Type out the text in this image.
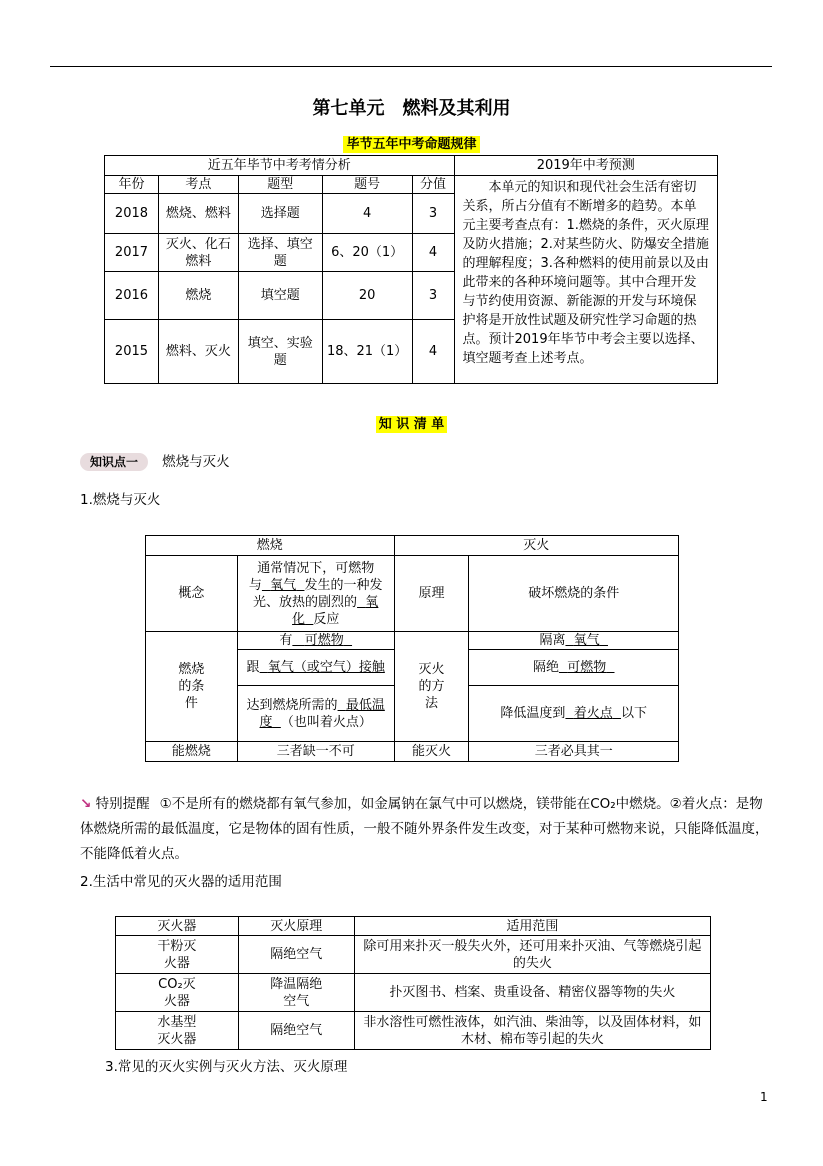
第七单元　燃料及其利用
毕节五年中考命题规律
近五年毕节中考考情分析					2019年中考预测
年份	考点	题型	题号	分值	本单元的知识和现代社会生活有密切关系，所占分值有不断增多的趋势。本单元主要考查点有：1.燃烧的条件，灭火原理及防火措施；2.对某些防火、防爆安全措施的理解程度；3.各种燃料的使用前景以及由此带来的各种环境问题等。其中合理开发与节约使用资源、新能源的开发与环境保护将是开放性试题及研究性学习命题的热点。预计2019年毕节中考会主要以选择、填空题考查上述考点。
2018	燃烧、燃料	选择题	4	3	
2017	灭火、化石燃料	选择、填空题	6、20（1）	4	
2016	燃烧	填空题	20	3	
2015	燃料、灭火	填空、实验题	18、21（1）	4	
知 识 清 单
知识点一 燃烧与灭火
1.燃烧与灭火
燃烧		灭火	
概念	通常情况下，可燃物与 氧气 发生的一种发光、放热的剧烈的 氧化 反应	原理	破坏燃烧的条件

燃烧的条件	有 可燃物	灭火的方法	隔离 氧气
	跟 氧气（或空气）接触		隔绝 可燃物
	达到燃烧所需的 最低温度 （也叫着火点）		降低温度到 着火点 以下
能燃烧	三者缺一不可	能灭火	三者必具其一
↘ 特别提醒 ①不是所有的燃烧都有氧气参加，如金属钠在氯气中可以燃烧，镁带能在CO₂中燃烧。②着火点：是物体燃烧所需的最低温度，它是物体的固有性质，一般不随外界条件发生改变，对于某种可燃物来说，只能降低温度，不能降低着火点。
2.生活中常见的灭火器的适用范围
灭火器	灭火原理	适用范围

干粉灭火器	隔绝空气	除可用来扑灭一般失火外，还可用来扑灭油、气等燃烧引起的失火

CO₂灭火器	降温隔绝空气	扑灭图书、档案、贵重设备、精密仪器等物的失火

水基型灭火器	隔绝空气	非水溶性可燃性液体，如汽油、柴油等，以及固体材料，如木材、棉布等引起的失火
3.常见的灭火实例与灭火方法、灭火原理
1
